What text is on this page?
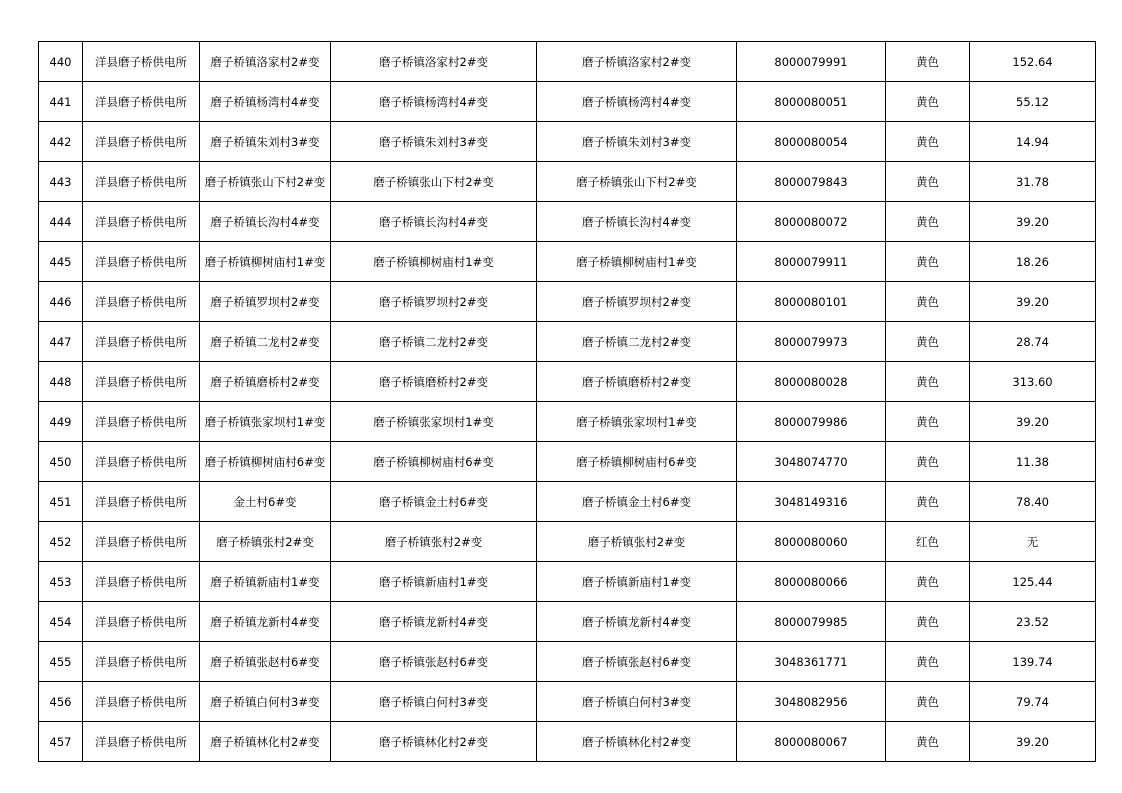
440	洋县磨子桥供电所	磨子桥镇洛家村2#变	磨子桥镇洛家村2#变	磨子桥镇洛家村2#变	8000079991	黄色	152.64
441	洋县磨子桥供电所	磨子桥镇杨湾村4#变	磨子桥镇杨湾村4#变	磨子桥镇杨湾村4#变	8000080051	黄色	55.12
442	洋县磨子桥供电所	磨子桥镇朱刘村3#变	磨子桥镇朱刘村3#变	磨子桥镇朱刘村3#变	8000080054	黄色	14.94
443	洋县磨子桥供电所	磨子桥镇张山下村2#变	磨子桥镇张山下村2#变	磨子桥镇张山下村2#变	8000079843	黄色	31.78
444	洋县磨子桥供电所	磨子桥镇长沟村4#变	磨子桥镇长沟村4#变	磨子桥镇长沟村4#变	8000080072	黄色	39.20
445	洋县磨子桥供电所	磨子桥镇柳树庙村1#变	磨子桥镇柳树庙村1#变	磨子桥镇柳树庙村1#变	8000079911	黄色	18.26
446	洋县磨子桥供电所	磨子桥镇罗坝村2#变	磨子桥镇罗坝村2#变	磨子桥镇罗坝村2#变	8000080101	黄色	39.20
447	洋县磨子桥供电所	磨子桥镇二龙村2#变	磨子桥镇二龙村2#变	磨子桥镇二龙村2#变	8000079973	黄色	28.74
448	洋县磨子桥供电所	磨子桥镇磨桥村2#变	磨子桥镇磨桥村2#变	磨子桥镇磨桥村2#变	8000080028	黄色	313.60
449	洋县磨子桥供电所	磨子桥镇张家坝村1#变	磨子桥镇张家坝村1#变	磨子桥镇张家坝村1#变	8000079986	黄色	39.20
450	洋县磨子桥供电所	磨子桥镇柳树庙村6#变	磨子桥镇柳树庙村6#变	磨子桥镇柳树庙村6#变	3048074770	黄色	11.38
451	洋县磨子桥供电所	金土村6#变	磨子桥镇金土村6#变	磨子桥镇金土村6#变	3048149316	黄色	78.40
452	洋县磨子桥供电所	磨子桥镇张村2#变	磨子桥镇张村2#变	磨子桥镇张村2#变	8000080060	红色	无
453	洋县磨子桥供电所	磨子桥镇新庙村1#变	磨子桥镇新庙村1#变	磨子桥镇新庙村1#变	8000080066	黄色	125.44
454	洋县磨子桥供电所	磨子桥镇龙新村4#变	磨子桥镇龙新村4#变	磨子桥镇龙新村4#变	8000079985	黄色	23.52
455	洋县磨子桥供电所	磨子桥镇张赵村6#变	磨子桥镇张赵村6#变	磨子桥镇张赵村6#变	3048361771	黄色	139.74
456	洋县磨子桥供电所	磨子桥镇白何村3#变	磨子桥镇白何村3#变	磨子桥镇白何村3#变	3048082956	黄色	79.74
457	洋县磨子桥供电所	磨子桥镇林化村2#变	磨子桥镇林化村2#变	磨子桥镇林化村2#变	8000080067	黄色	39.20
